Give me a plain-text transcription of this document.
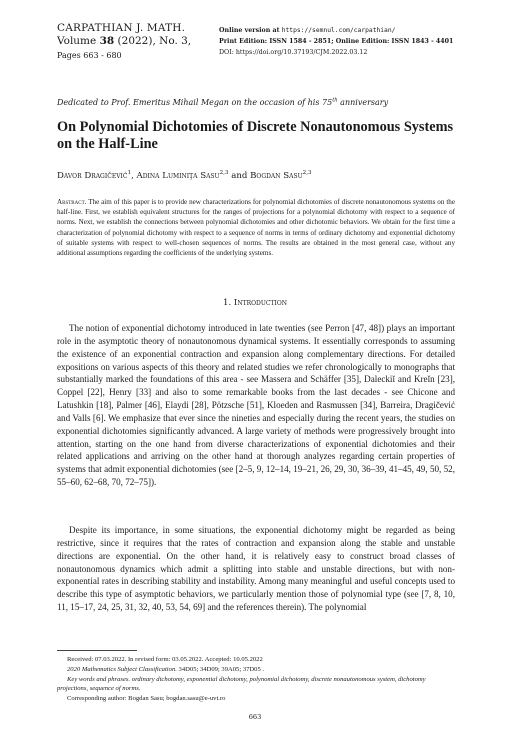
CARPATHIAN J. MATH.
Volume 38 (2022), No. 3,
Pages 663 - 680
Online version at https://semnul.com/carpathian/
Print Edition: ISSN 1584 - 2851; Online Edition: ISSN 1843 - 4401
DOI: https://doi.org/10.37193/CJM.2022.03.12
Dedicated to Prof. Emeritus Mihail Megan on the occasion of his 75th anniversary
On Polynomial Dichotomies of Discrete Nonautonomous Systems on the Half-Line
Davor Dragičević$^1$, Adina Luminiţa Sasu$^{2,3}$ and Bogdan Sasu$^{2,3}$
Abstract. The aim of this paper is to provide new characterizations for polynomial dichotomies of discrete nonautonomous systems on the half-line. First, we establish equivalent structures for the ranges of projections for a polynomial dichotomy with respect to a sequence of norms. Next, we establish the connections between polynomial dichotomies and other dichotomic behaviors. We obtain for the first time a characterization of polynomial dichotomy with respect to a sequence of norms in terms of ordinary dichotomy and exponential dichotomy of suitable systems with respect to well-chosen sequences of norms. The results are obtained in the most general case, without any additional assumptions regarding the coefficients of the underlying systems.
1. Introduction
The notion of exponential dichotomy introduced in late twenties (see Perron [47, 48]) plays an important role in the asymptotic theory of nonautonomous dynamical systems. It essentially corresponds to assuming the existence of an exponential contraction and expansion along complementary directions. For detailed expositions on various aspects of this theory and related studies we refer chronologically to monographs that substantially marked the foundations of this area - see Massera and Schäffer [35], Daleckiĭ and Kreĭn [23], Coppel [22], Henry [33] and also to some remarkable books from the last decades - see Chicone and Latushkin [18], Palmer [46], Elaydi [28], Pötzsche [51], Kloeden and Rasmussen [34], Barreira, Dragičević and Valls [6]. We emphasize that ever since the nineties and especially during the recent years, the studies on exponential dichotomies significantly advanced. A large variety of methods were progressively brought into attention, starting on the one hand from diverse characterizations of exponential dichotomies and their related applications and arriving on the other hand at thorough analyzes regarding certain properties of systems that admit exponential dichotomies (see [2–5, 9, 12–14, 19–21, 26, 29, 30, 36–39, 41–45, 49, 50, 52, 55–60, 62–68, 70, 72–75]).
Despite its importance, in some situations, the exponential dichotomy might be regarded as being restrictive, since it requires that the rates of contraction and expansion along the stable and unstable directions are exponential. On the other hand, it is relatively easy to construct broad classes of nonautonomous dynamics which admit a splitting into stable and unstable directions, but with non-exponential rates in describing stability and instability. Among many meaningful and useful concepts used to describe this type of asymptotic behaviors, we particularly mention those of polynomial type (see [7, 8, 10, 11, 15–17, 24, 25, 31, 32, 40, 53, 54, 69] and the references therein). The polynomial
Received: 07.03.2022. In revised form: 03.05.2022. Accepted: 10.05.2022
2020 Mathematics Subject Classification. 34D05; 34D09; 39A05; 37D05 .
Key words and phrases. ordinary dichotomy, exponential dichotomy, polynomial dichotomy, discrete nonautonomous system, dichotomy projections, sequence of norms.
Corresponding author: Bogdan Sasu; bogdan.sasu@e-uvt.ro
663
